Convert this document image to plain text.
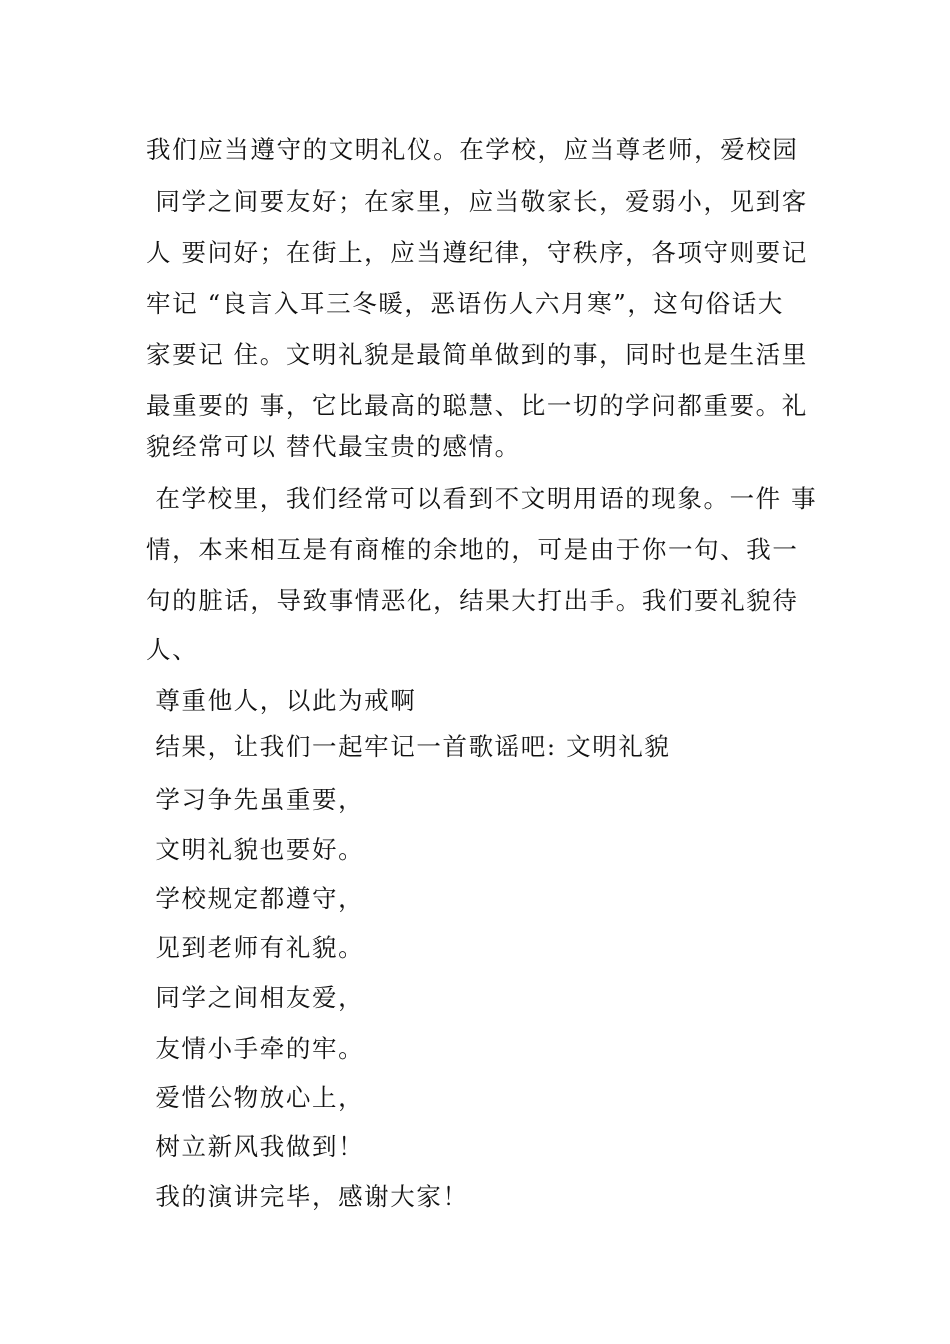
我们应当遵守的文明礼仪。在学校，应当尊老师，爱校园
同学之间要友好；在家里，应当敬家长，爱弱小，见到客
人 要问好；在街上，应当遵纪律，守秩序，各项守则要记
牢记 “良言入耳三冬暖，恶语伤人六月寒”，这句俗话大
家要记 住。文明礼貌是最简单做到的事，同时也是生活里
最重要的 事，它比最高的聪慧、比一切的学问都重要。礼
貌经常可以 替代最宝贵的感情。
在学校里，我们经常可以看到不文明用语的现象。一件 事
情，本来相互是有商榷的余地的，可是由于你一句、我一
句的脏话，导致事情恶化，结果大打出手。我们要礼貌待
人、
尊重他人，以此为戒啊
结果，让我们一起牢记一首歌谣吧: 文明礼貌
学习争先虽重要，
文明礼貌也要好。
学校规定都遵守，
见到老师有礼貌。
同学之间相友爱，
友情小手牵的牢。
爱惜公物放心上，
树立新风我做到！
我的演讲完毕，感谢大家！
